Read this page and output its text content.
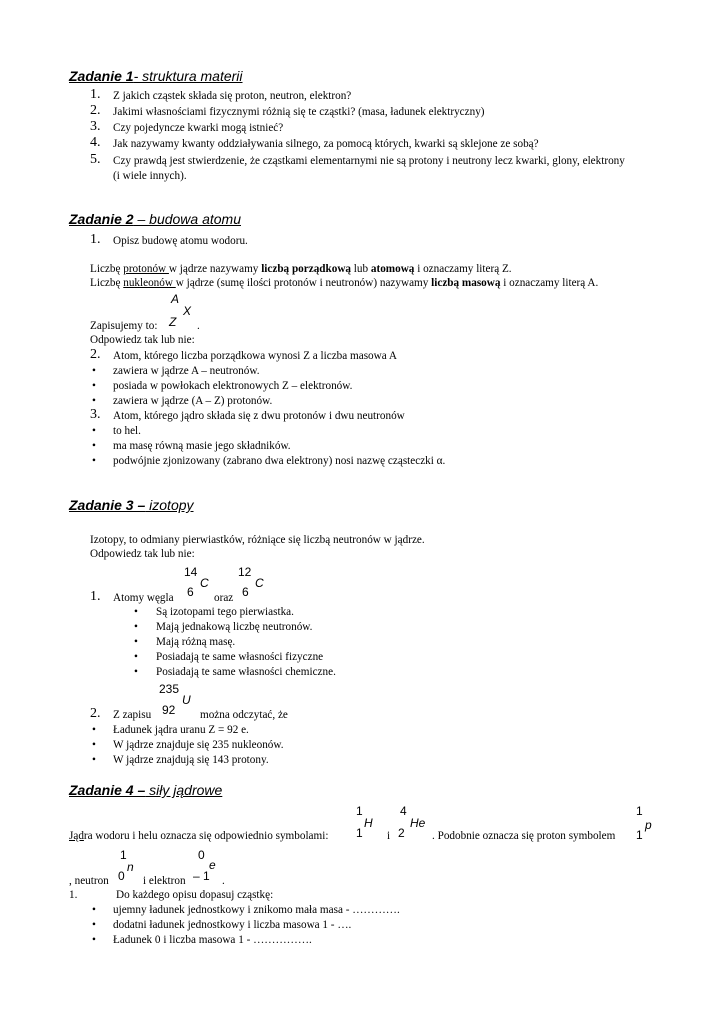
Zadanie 1- struktura materii
1. Z jakich cząstek składa się proton, neutron, elektron?
2. Jakimi własnościami fizycznymi różnią się te cząstki? (masa, ładunek elektryczny)
3. Czy pojedyncze kwarki mogą istnieć?
4. Jak nazywamy kwanty oddziaływania silnego, za pomocą których, kwarki są sklejone ze sobą?
5. Czy prawdą jest stwierdzenie, że cząstkami elementarnymi nie są protony i neutrony lecz kwarki, glony, elektrony
(i wiele innych).
Zadanie 2 – budowa atomu
1. Opisz budowę atomu wodoru.
Liczbę protonów w jądrze nazywamy liczbą porządkową lub atomową i oznaczamy literą Z.
Liczbę nukleonów w jądrze (sumę ilości protonów i neutronów) nazywamy liczbą masową i oznaczamy literą A.
A
X
Z
Zapisujemy to:	.
Odpowiedz tak lub nie:
2. Atom, którego liczba porządkowa wynosi Z a liczba masowa A
• zawiera w jądrze A – neutronów.
• posiada w powłokach elektronowych Z – elektronów.
• zawiera w jądrze (A – Z) protonów.
3. Atom, którego jądro składa się z dwu protonów i dwu neutronów
• to hel.
• ma masę równą masie jego składników.
• podwójnie zjonizowany (zabrano dwa elektrony) nosi nazwę cząsteczki α.
Zadanie 3 – izotopy
Izotopy, to odmiany pierwiastków, różniące się liczbą neutronów w jądrze.
Odpowiedz tak lub nie:
14
C
6
12
C
6
1. Atomy węgla	oraz
• Są izotopami tego pierwiastka.
• Mają jednakową liczbę neutronów.
• Mają różną masę.
• Posiadają te same własności fizyczne
• Posiadają te same własności chemiczne.
235
U
92
2. Z zapisu	można odczytać, że
• Ładunek jądra uranu Z = 92 e.
• W jądrze znajduje się 235 nukleonów.
• W jądrze znajdują się 143 protony.
Zadanie 4 – siły jądrowe
1
H
1
4
He
2
1
p
1
Jądra wodoru i helu oznacza się odpowiednio symbolami:	i	. Podobnie oznacza się proton symbolem
1
n
0
0
e
– 1
, neutron	i elektron	.
1.	Do każdego opisu dopasuj cząstkę:
• ujemny ładunek jednostkowy i znikomo mała masa - ………….
• dodatni ładunek jednostkowy i liczba masowa 1 - ….
• Ładunek 0 i liczba masowa 1 - …………….
